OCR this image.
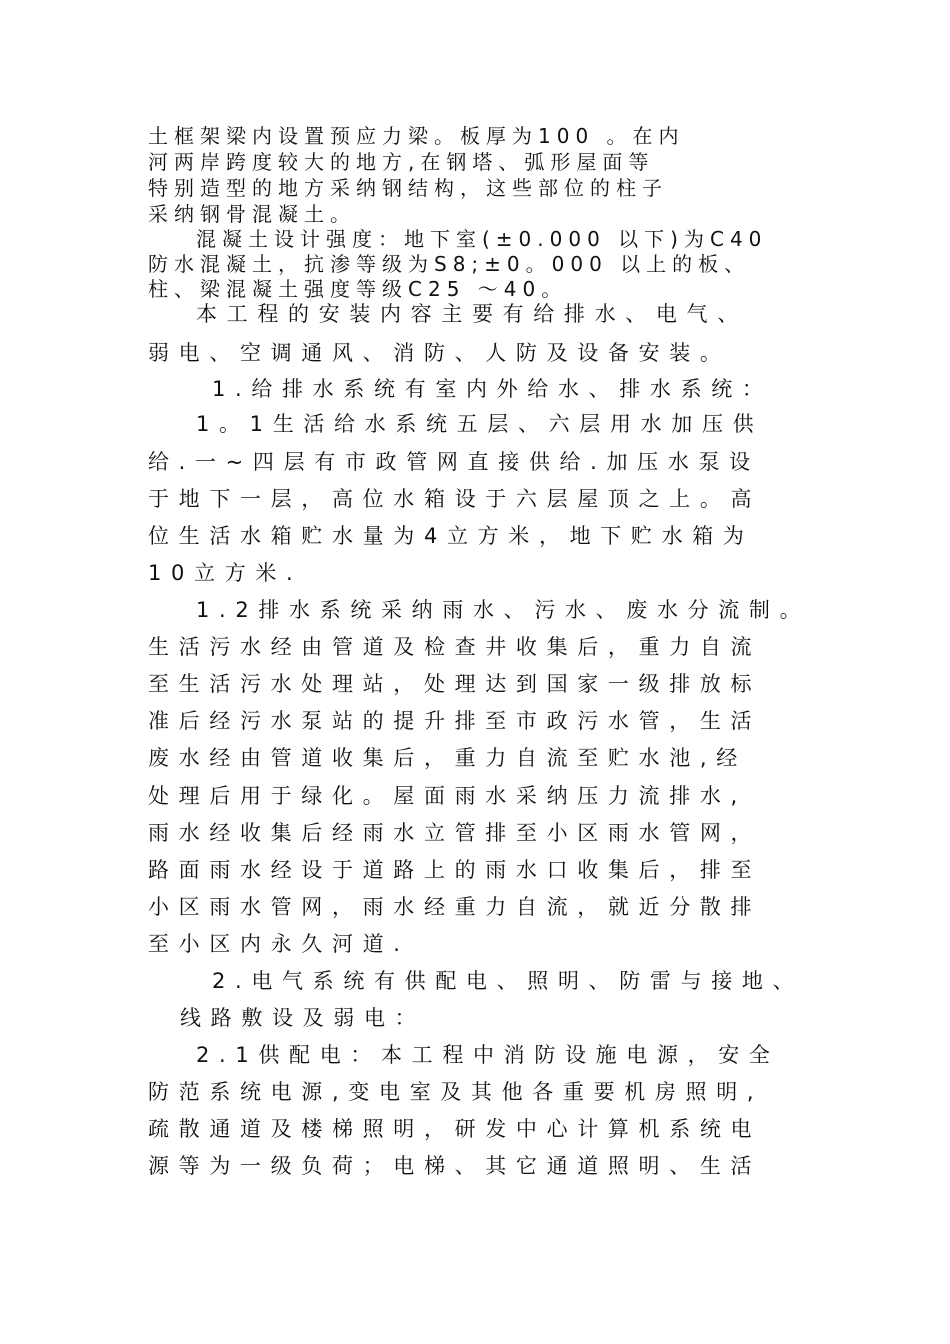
土框架梁内设置预应力梁。板厚为100 。在内
河两岸跨度较大的地方,在钢塔、弧形屋面等
特别造型的地方采纳钢结构，这些部位的柱子
采纳钢骨混凝土。
混凝土设计强度：地下室(±0.000 以下)为C40
防水混凝土，抗渗等级为S8;±0。000 以上的板、
柱、梁混凝土强度等级C25 ～40。
本工程的安装内容主要有给排水、电气、
弱电、空调通风、消防、人防及设备安装。
1.给排水系统有室内外给水、排水系统：
1。1生活给水系统五层、六层用水加压供
给.一~四层有市政管网直接供给.加压水泵设
于地下一层，高位水箱设于六层屋顶之上。高
位生活水箱贮水量为4立方米，地下贮水箱为
10立方米.
1.2排水系统采纳雨水、污水、废水分流制。
生活污水经由管道及检查井收集后，重力自流
至生活污水处理站，处理达到国家一级排放标
准后经污水泵站的提升排至市政污水管，生活
废水经由管道收集后，重力自流至贮水池,经
处理后用于绿化。屋面雨水采纳压力流排水,
雨水经收集后经雨水立管排至小区雨水管网，
路面雨水经设于道路上的雨水口收集后，排至
小区雨水管网，雨水经重力自流，就近分散排
至小区内永久河道.
2.电气系统有供配电、照明、防雷与接地、
线路敷设及弱电：
2.1供配电：本工程中消防设施电源，安全
防范系统电源,变电室及其他各重要机房照明,
疏散通道及楼梯照明，研发中心计算机系统电
源等为一级负荷；电梯、其它通道照明、生活
